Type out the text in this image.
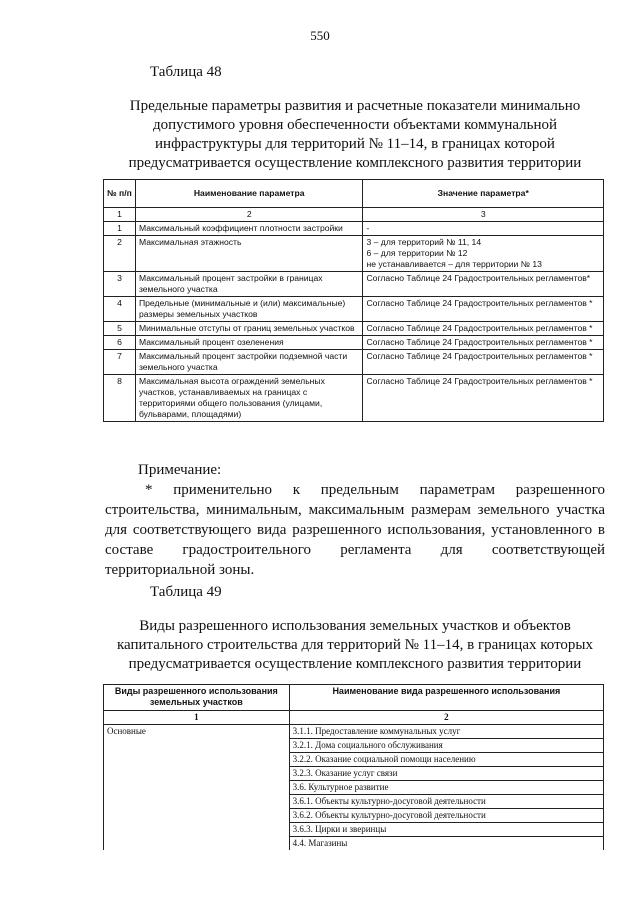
550
Таблица 48
Предельные параметры развития и расчетные показатели минимально допустимого уровня обеспеченности объектами коммунальной инфраструктуры для территорий № 11–14, в границах которой предусматривается осуществление комплексного развития территории
№ п/п	Наименование параметра	Значение параметра*
1	2	3
1	Максимальный коэффициент плотности застройки	-
2	Максимальная этажность	3 – для территорий № 11, 14
6 – для территории № 12
не устанавливается – для территории № 13
3	Максимальный процент застройки в границах земельного участка	Согласно Таблице 24 Градостроительных регламентов*
4	Предельные (минимальные и (или) максимальные) размеры земельных участков	Согласно Таблице 24 Градостроительных регламентов *
5	Минимальные отступы от границ земельных участков	Согласно Таблице 24 Градостроительных регламентов *
6	Максимальный процент озеленения	Согласно Таблице 24 Градостроительных регламентов *
7	Максимальный процент застройки подземной части земельного участка	Согласно Таблице 24 Градостроительных регламентов *
8	Максимальная высота ограждений земельных участков, устанавливаемых на границах с территориями общего пользования (улицами, бульварами, площадями)	Согласно Таблице 24 Градостроительных регламентов *
Примечание:
* применительно к предельным параметрам разрешенного строительства, минимальным, максимальным размерам земельного участка для соответствующего вида разрешенного использования, установленного в составе градостроительного регламента для соответствующей территориальной зоны.
Таблица 49
Виды разрешенного использования земельных участков и объектов капитального строительства для территорий № 11–14, в границах которых предусматривается осуществление комплексного развития территории
Виды разрешенного использования земельных участков	Наименование вида разрешенного использования
1	2
Основные	3.1.1. Предоставление коммунальных услуг
	3.2.1. Дома социального обслуживания
	3.2.2. Оказание социальной помощи населению
	3.2.3. Оказание услуг связи
	3.6. Культурное развитие
	3.6.1. Объекты культурно-досуговой деятельности
	3.6.2. Объекты культурно-досуговой деятельности
	3.6.3. Цирки и зверинцы
	4.4. Магазины
